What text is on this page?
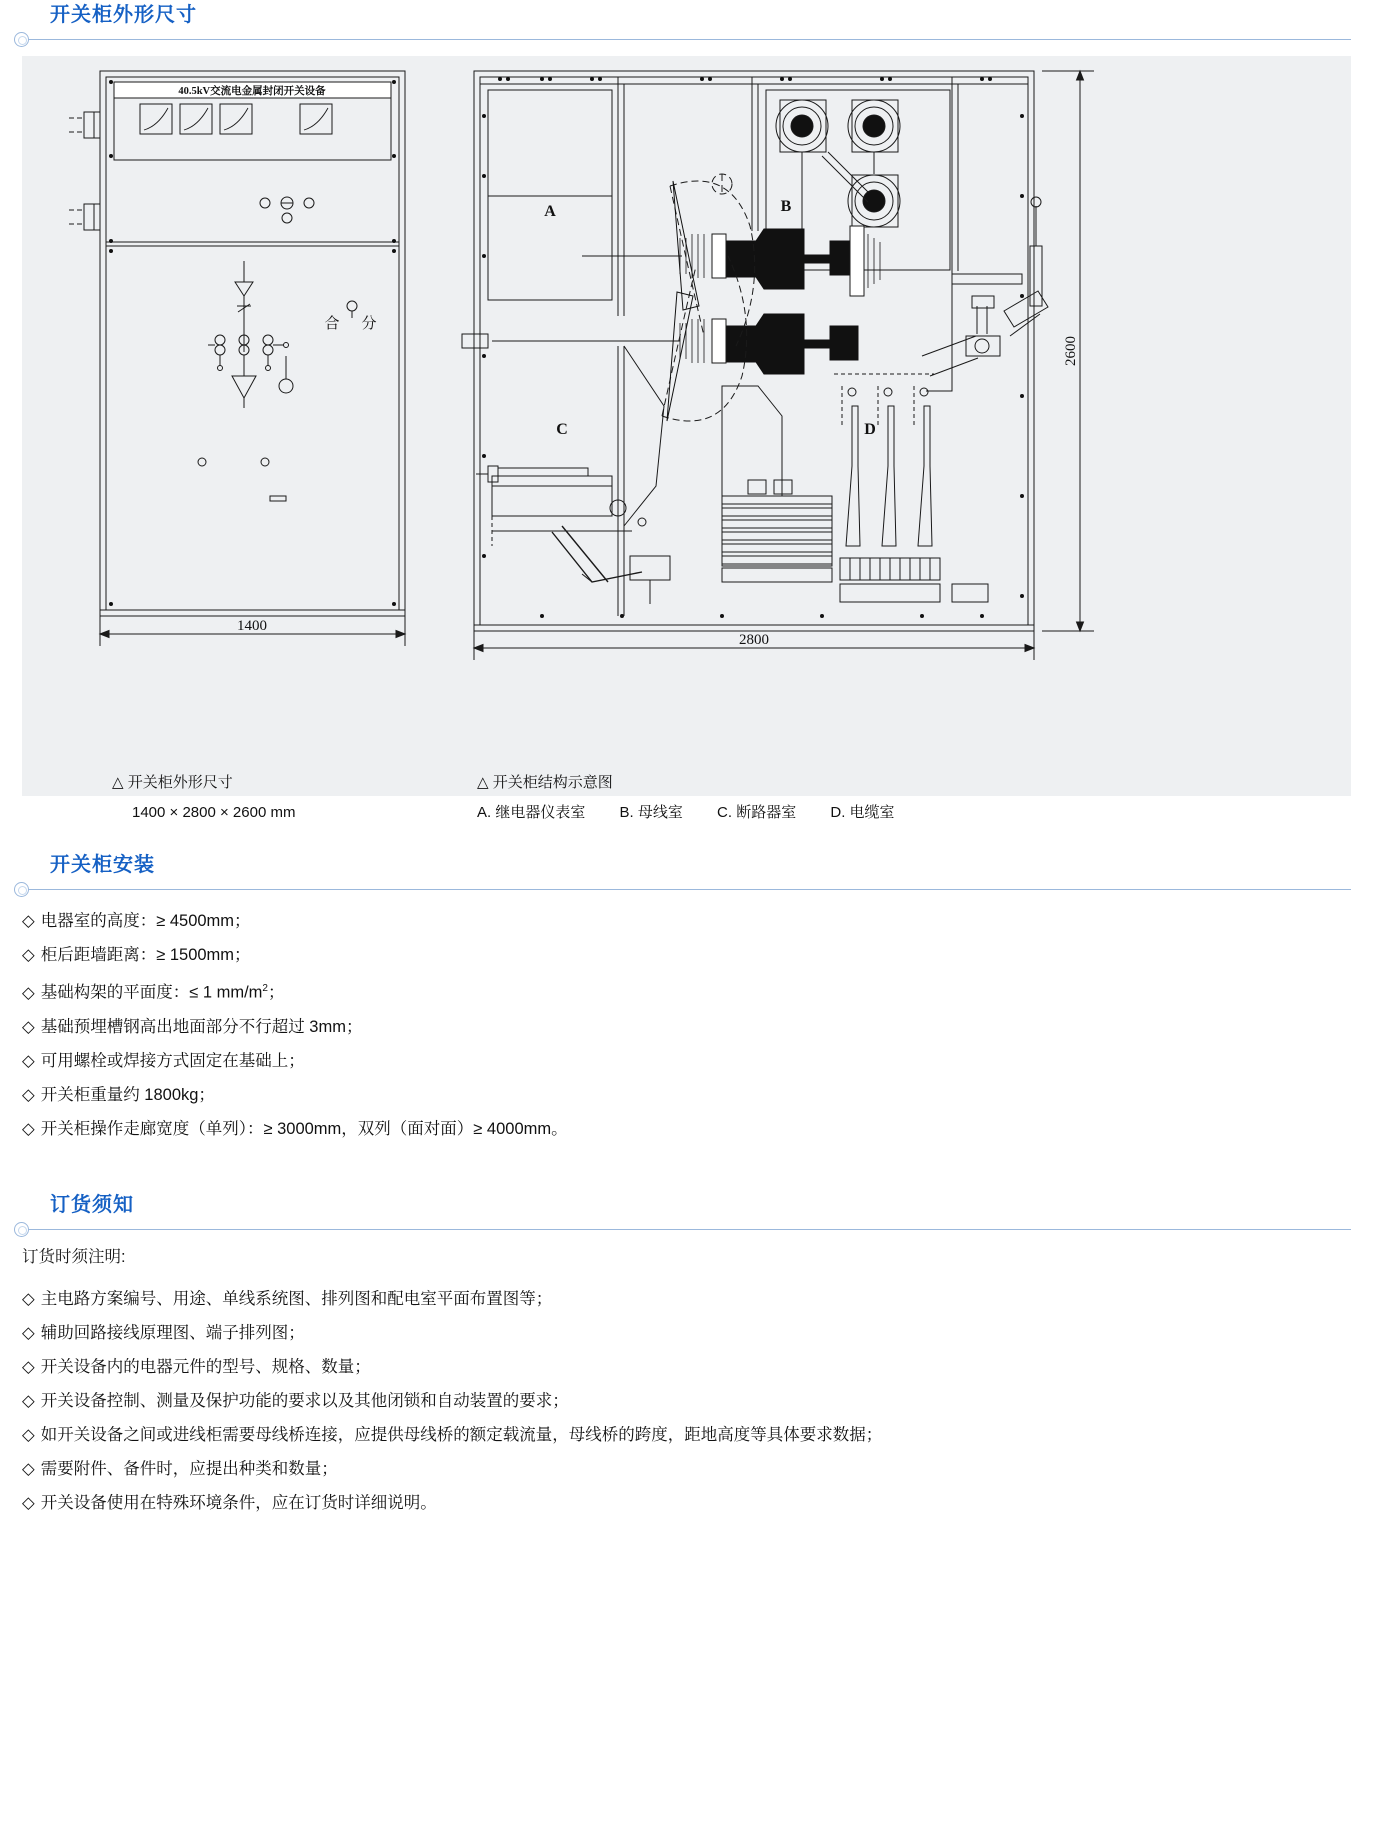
开关柜外形尺寸
40.5kV交流电金属封闭开关设备
合 分
1400
2800
2600
A	B
C	D
△ 开关柜外形尺寸
1400 × 2800 × 2600 mm
△ 开关柜结构示意图
A. 继电器仪表室 B. 母线室 C. 断路器室 D. 电缆室
开关柜安装
◇ 电器室的高度：≥ 4500mm；
◇ 柜后距墙距离：≥ 1500mm；
◇ 基础构架的平面度：≤ 1 $mm/m^2$；
◇ 基础预埋槽钢高出地面部分不行超过 3mm；
◇ 可用螺栓或焊接方式固定在基础上；
◇ 开关柜重量约 1800kg；
◇ 开关柜操作走廊宽度（单列）：≥ 3000mm，双列（面对面）≥ 4000mm。
订货须知
订货时须注明:
◇ 主电路方案编号、用途、单线系统图、排列图和配电室平面布置图等；
◇ 辅助回路接线原理图、端子排列图；
◇ 开关设备内的电器元件的型号、规格、数量；
◇ 开关设备控制、测量及保护功能的要求以及其他闭锁和自动装置的要求；
◇ 如开关设备之间或进线柜需要母线桥连接，应提供母线桥的额定载流量，母线桥的跨度，距地高度等具体要求数据；
◇ 需要附件、备件时，应提出种类和数量；
◇ 开关设备使用在特殊环境条件，应在订货时详细说明。
